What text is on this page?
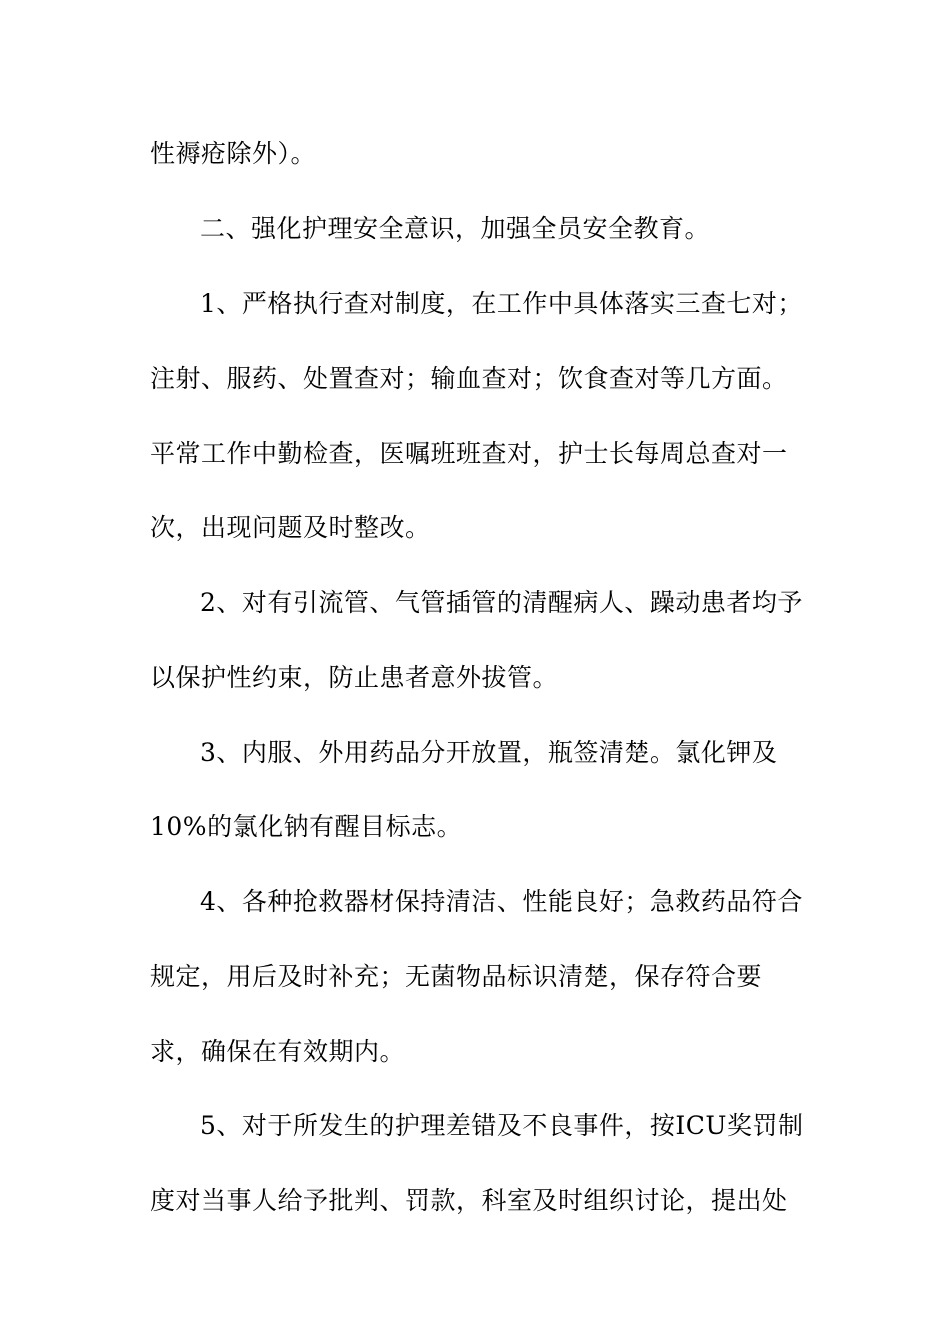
性褥疮除外）。
二、强化护理安全意识，加强全员安全教育。
1、严格执行查对制度，在工作中具体落实三查七对；
注射、服药、处置查对；输血查对；饮食查对等几方面。
平常工作中勤检查，医嘱班班查对，护士长每周总查对一
次，出现问题及时整改。
2、对有引流管、气管插管的清醒病人、躁动患者均予
以保护性约束，防止患者意外拔管。
3、内服、外用药品分开放置，瓶签清楚。氯化钾及
10%的氯化钠有醒目标志。
4、各种抢救器材保持清洁、性能良好；急救药品符合
规定，用后及时补充；无菌物品标识清楚，保存符合要
求，确保在有效期内。
5、对于所发生的护理差错及不良事件，按ICU奖罚制
度对当事人给予批判、罚款，科室及时组织讨论，提出处
